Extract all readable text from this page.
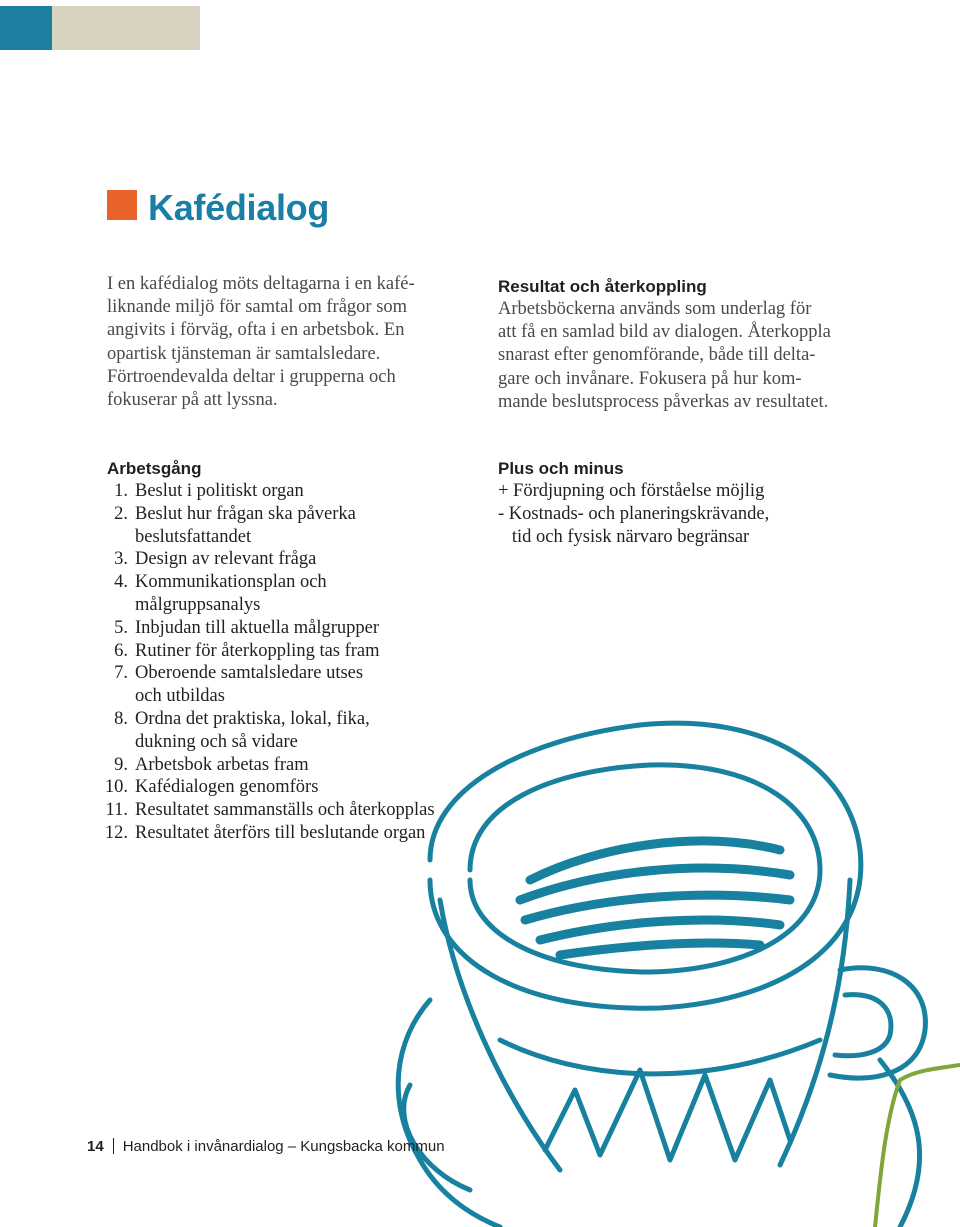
Kafédialog
I en kafédialog möts deltagarna i en kafé-
liknande miljö för samtal om frågor som
angivits i förväg, ofta i en arbetsbok. En
opartisk tjänsteman är samtalsledare.
Förtroendevalda deltar i grupperna och
fokuserar på att lyssna.
Resultat och återkoppling
Arbetsböckerna används som underlag för
att få en samlad bild av dialogen. Återkoppla
snarast efter genomförande, både till delta-
gare och invånare. Fokusera på hur kom-
mande beslutsprocess påverkas av resultatet.
Arbetsgång
1. Beslut i politiskt organ
2. Beslut hur frågan ska påverka
beslutsfattandet
3. Design av relevant fråga
4. Kommunikationsplan och
målgruppsanalys
5. Inbjudan till aktuella målgrupper
6. Rutiner för återkoppling tas fram
7. Oberoende samtalsledare utses
och utbildas
8. Ordna det praktiska, lokal, fika,
dukning och så vidare
9. Arbetsbok arbetas fram
10. Kafédialogen genomförs
11. Resultatet sammanställs och återkopplas
12. Resultatet återförs till beslutande organ
Plus och minus
+ Fördjupning och förståelse möjlig
- Kostnads- och planeringskrävande,
tid och fysisk närvaro begränsar
14 Handbok i invånardialog – Kungsbacka kommun
